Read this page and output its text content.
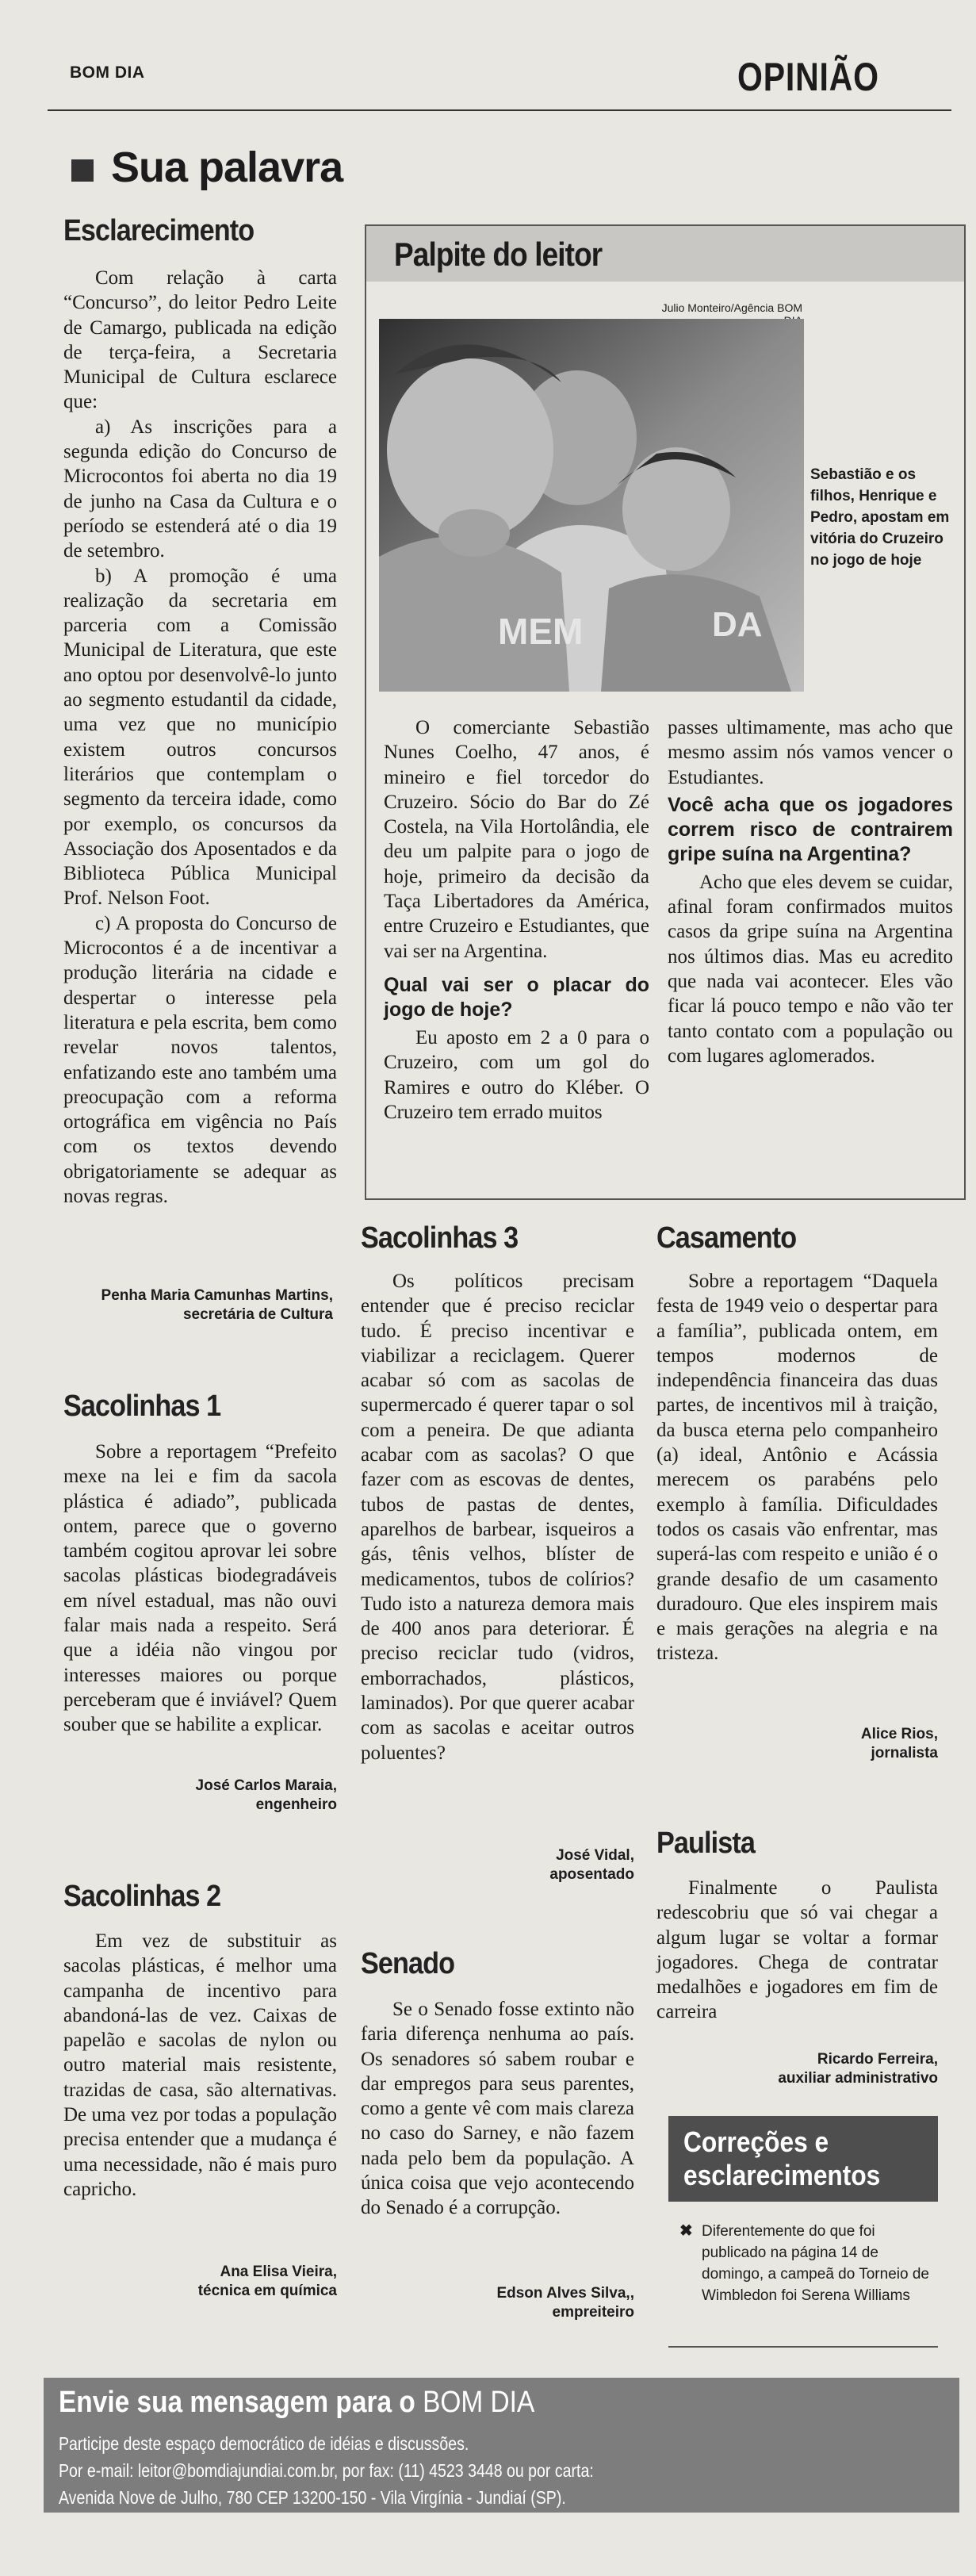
BOM DIA	OPINIÃO
Sua palavra
Esclarecimento

Com relação à carta “Concurso”, do leitor Pedro Leite de Camargo, publicada na edição de terça-feira, a Secretaria Municipal de Cultura esclarece que:

a) As inscrições para a segunda edição do Concurso de Microcontos foi aberta no dia 19 de junho na Casa da Cultura e o período se estenderá até o dia 19 de setembro.

b) A promoção é uma realização da secretaria em parceria com a Comissão Municipal de Literatura, que este ano optou por desenvolvê-lo junto ao segmento estudantil da cidade, uma vez que no município existem outros concursos literários que contemplam o segmento da terceira idade, como por exemplo, os concursos da Associação dos Aposentados e da Biblioteca Pública Municipal Prof. Nelson Foot.

c) A proposta do Concurso de Microcontos é a de incentivar a produção literária na cidade e despertar o interesse pela literatura e pela escrita, bem como revelar novos talentos, enfatizando este ano também uma preocupação com a reforma ortográfica em vigência no País com os textos devendo obrigatoriamente se adequar as novas regras.

Penha Maria Camunhas Martins,
secretária de Cultura
Palpite do leitor
Julio Monteiro/Agência BOM
MEM	DA
Sebastião e os filhos, Henrique e Pedro, apostam em vitória do Cruzeiro no jogo de hoje

O comerciante Sebastião Nunes Coelho, 47 anos, é mineiro e fiel torcedor do Cruzeiro. Sócio do Bar do Zé Costela, na Vila Hortolândia, ele deu um palpite para o jogo de hoje, primeiro da decisão da Taça Libertadores da América, entre Cruzeiro e Estudiantes, que vai ser na Argentina.

Qual vai ser o placar do jogo de hoje?

Eu aposto em 2 a 0 para o Cruzeiro, com um gol do Ramires e outro do Kléber. O Cruzeiro tem errado muitos

passes ultimamente, mas acho que mesmo assim nós vamos vencer o Estudiantes.

Você acha que os jogadores correm risco de contrairem gripe suína na Argentina?

Acho que eles devem se cuidar, afinal foram confirmados muitos casos da gripe suína na Argentina nos últimos dias. Mas eu acredito que nada vai acontecer. Eles vão ficar lá pouco tempo e não vão ter tanto contato com a população ou com lugares aglomerados.

Sacolinhas 1

Sobre a reportagem “Prefeito mexe na lei e fim da sacola plástica é adiado”, publicada ontem, parece que o governo também cogitou aprovar lei sobre sacolas plásticas biodegradáveis em nível estadual, mas não ouvi falar mais nada a respeito. Será que a idéia não vingou por interesses maiores ou porque perceberam que é inviável? Quem souber que se habilite a explicar.

José Carlos Maraia,
engenheiro
Sacolinhas 2

Em vez de substituir as sacolas plásticas, é melhor uma campanha de incentivo para abandoná-las de vez. Caixas de papelão e sacolas de nylon ou outro material mais resistente, trazidas de casa, são alternativas. De uma vez por todas a população precisa entender que a mudança é uma necessidade, não é mais puro capricho.

Ana Elisa Vieira,
técnica em química
Sacolinhas 3

Os políticos precisam entender que é preciso reciclar tudo. É preciso incentivar e viabilizar a reciclagem. Querer acabar só com as sacolas de supermercado é querer tapar o sol com a peneira. De que adianta acabar com as sacolas? O que fazer com as escovas de dentes, tubos de pastas de dentes, aparelhos de barbear, isqueiros a gás, tênis velhos, blíster de medicamentos, tubos de colírios? Tudo isto a natureza demora mais de 400 anos para deteriorar. É preciso reciclar tudo (vidros, emborrachados, plásticos, laminados). Por que querer acabar com as sacolas e aceitar outros poluentes?

José Vidal,
aposentado
Senado

Se o Senado fosse extinto não faria diferença nenhuma ao país. Os senadores só sabem roubar e dar empregos para seus parentes, como a gente vê com mais clareza no caso do Sarney, e não fazem nada pelo bem da população. A única coisa que vejo acontecendo do Senado é a corrupção.

Edson Alves Silva,,
empreiteiro
Casamento

Sobre a reportagem “Daquela festa de 1949 veio o despertar para a família”, publicada ontem, em tempos modernos de independência financeira das duas partes, de incentivos mil à traição, da busca eterna pelo companheiro (a) ideal, Antônio e Acássia merecem os parabéns pelo exemplo à família. Dificuldades todos os casais vão enfrentar, mas superá-las com respeito e união é o grande desafio de um casamento duradouro. Que eles inspirem mais e mais gerações na alegria e na tristeza.

Alice Rios,
jornalista
Paulista

Finalmente o Paulista redescobriu que só vai chegar a algum lugar se voltar a formar jogadores. Chega de contratar medalhões e jogadores em fim de carreira

Ricardo Ferreira,
auxiliar administrativo
Correções e
esclarecimentos
✖ Diferentemente do que foi publicado na página 14 de domingo, a campeã do Torneio de Wimbledon foi Serena Williams
Envie sua mensagem para o BOM DIA
Participe deste espaço democrático de idéias e discussões.
Por e-mail: leitor@bomdiajundiai.com.br, por fax: (11) 4523 3448 ou por carta:
Avenida Nove de Julho, 780 CEP 13200-150 - Vila Virgínia - Jundiaí (SP).
